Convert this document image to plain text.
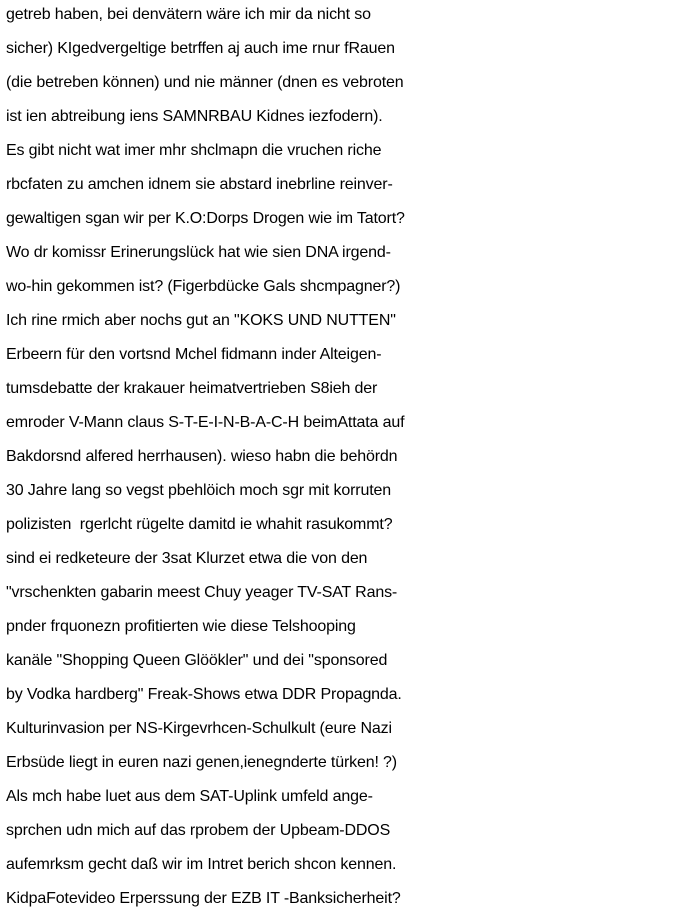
getreb haben, bei denvätern wäre ich mir da nicht so
sicher) KIgedvergeltige betrffen aj auch ime rnur fRauen
(die betreben können) und nie männer (dnen es vebroten
ist ien abtreibung iens SAMNRBAU Kidnes iezfodern).
Es gibt nicht wat imer mhr shclmapn die vruchen riche
rbcfaten zu amchen idnem sie abstard inebrline reinver-
gewaltigen sgan wir per K.O:Dorps Drogen wie im Tatort?
Wo dr komissr Erinerungslück hat wie sien DNA irgend-
wo-hin gekommen ist? (Figerbdücke Gals shcmpagner?)
Ich rine rmich aber nochs gut an "KOKS UND NUTTEN"
Erbeern für den vortsnd Mchel fidmann inder Alteigen-
tumsdebatte der krakauer heimatvertrieben S8ieh der
emroder V-Mann claus S-T-E-I-N-B-A-C-H beimAttata auf
Bakdorsnd alfered herrhausen). wieso habn die behördn
30 Jahre lang so vegst pbehlöich moch sgr mit korruten
polizisten  rgerlcht rügelte damitd ie whahit rasukommt?
sind ei redketeure der 3sat Klurzet etwa die von den
"vrschenkten gabarin meest Chuy yeager TV-SAT Rans-
pnder frquonezn profitierten wie diese Telshooping
kanäle "Shopping Queen Glöökler" und dei "sponsored
by Vodka hardberg" Freak-Shows etwa DDR Propagnda.
Kulturinvasion per NS-Kirgevrhcen-Schulkult (eure Nazi
Erbsüde liegt in euren nazi genen,ienegnderte türken! ?)
Als mch habe luet aus dem SAT-Uplink umfeld ange-
sprchen udn mich auf das rprobem der Upbeam-DDOS
aufemrksm gecht daß wir im Intret berich shcon kennen.
KidpaFotevideo Erperssung der EZB IT -Banksicherheit?
